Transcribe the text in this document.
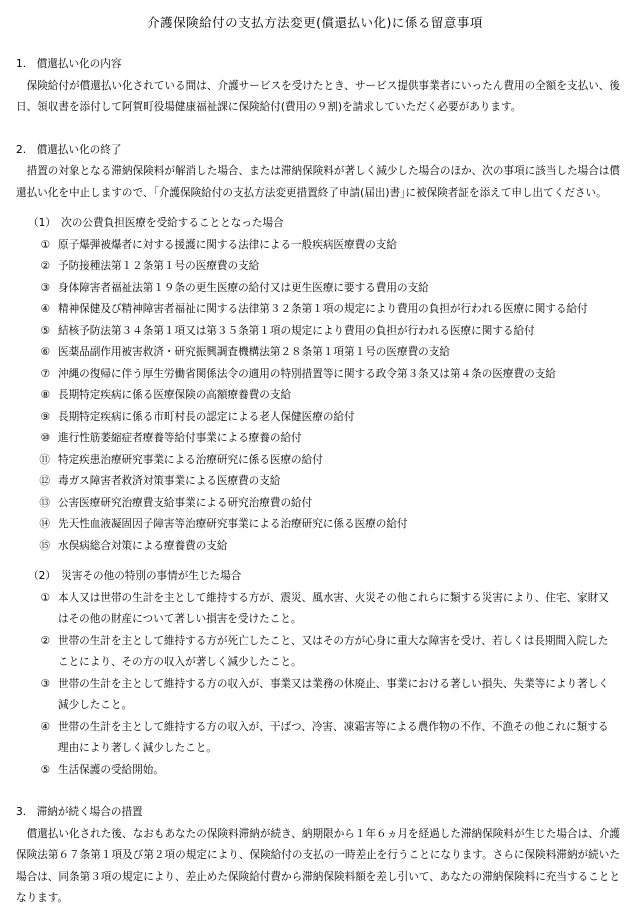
介護保険給付の支払方法変更(償還払い化)に係る留意事項

1.　償還払い化の内容

保険給付が償還払い化されている間は、介護サービスを受けたとき、サービス提供事業者にいったん費用の全額を支払い、後日、領収書を添付して阿賀町役場健康福祉課に保険給付(費用の９割)を請求していただく必要があります。

2.　償還払い化の終了

措置の対象となる滞納保険料が解消した場合、または滞納保険料が著しく減少した場合のほか、次の事項に該当した場合は償還払い化を中止しますので、｢介護保険給付の支払方法変更措置終了申請(届出)書｣に被保険者証を添えて申し出てください。

（1）　次の公費負担医療を受給することとなった場合

① 原子爆弾被爆者に対する援護に関する法律による一般疾病医療費の支給
② 予防接種法第１２条第１号の医療費の支給
③ 身体障害者福祉法第１９条の更生医療の給付又は更生医療に要する費用の支給
④ 精神保健及び精神障害者福祉に関する法律第３２条第１項の規定により費用の負担が行われる医療に関する給付
⑤ 結核予防法第３４条第１項又は第３５条第１項の規定により費用の負担が行われる医療に関する給付
⑥ 医薬品副作用被害救済・研究振興調査機構法第２８条第１項第１号の医療費の支給
⑦ 沖縄の復帰に伴う厚生労働省関係法令の適用の特別措置等に関する政令第３条又は第４条の医療費の支給
⑧ 長期特定疾病に係る医療保険の高額療養費の支給
⑨ 長期特定疾病に係る市町村長の認定による老人保健医療の給付
⑩ 進行性筋萎縮症者療養等給付事業による療養の給付
⑪ 特定疾患治療研究事業による治療研究に係る医療の給付
⑫ 毒ガス障害者救済対策事業による医療費の支給
⑬ 公害医療研究治療費支給事業による研究治療費の給付
⑭ 先天性血液凝固因子障害等治療研究事業による治療研究に係る医療の給付
⑮ 水俣病総合対策による療養費の支給

（2）　災害その他の特別の事情が生じた場合

① 本人又は世帯の生計を主として維持する方が、震災、風水害、火災その他これらに類する災害により、住宅、家財又はその他の財産について著しい損害を受けたこと。
② 世帯の生計を主として維持する方が死亡したこと、又はその方が心身に重大な障害を受け、若しくは長期間入院したことにより、その方の収入が著しく減少したこと。
③ 世帯の生計を主として維持する方の収入が、事業又は業務の休廃止、事業における著しい損失、失業等により著しく減少したこと。
④ 世帯の生計を主として維持する方の収入が、干ばつ、冷害、凍霜害等による農作物の不作、不漁その他これに類する理由により著しく減少したこと。
⑤ 生活保護の受給開始。

3.　滞納が続く場合の措置

償還払い化された後、なおもあなたの保険料滞納が続き、納期限から１年６ヵ月を経過した滞納保険料が生じた場合は、介護保険法第６７条第１項及び第２項の規定により、保険給付の支払の一時差止を行うことになります。さらに保険料滞納が続いた場合は、同条第３項の規定により、差止めた保険給付費から滞納保険料額を差し引いて、あなたの滞納保険料に充当することとなります。
